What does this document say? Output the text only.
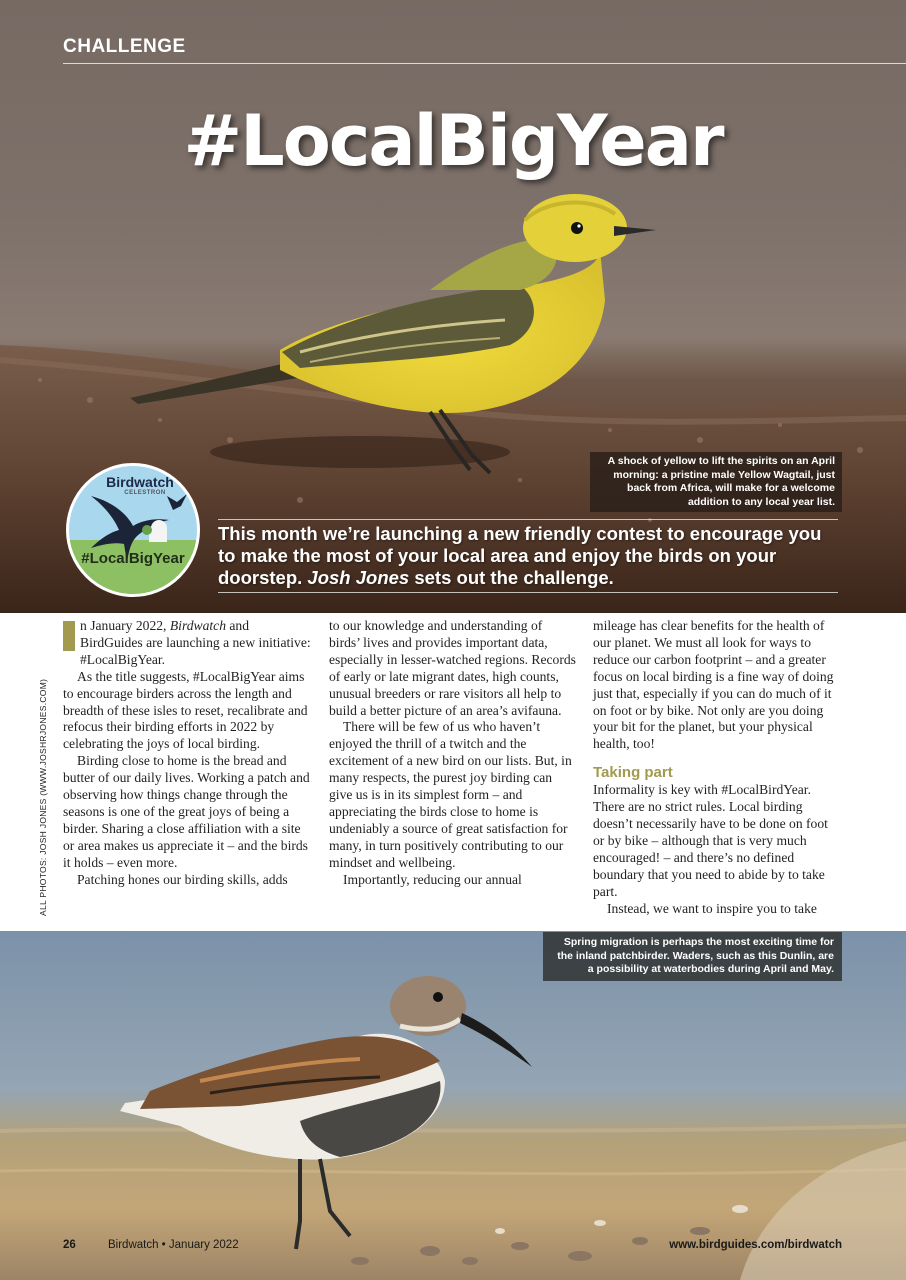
CHALLENGE
#LocalBigYear
A shock of yellow to lift the spirits on an April morning: a pristine male Yellow Wagtail, just back from Africa, will make for a welcome addition to any local year list.
Birdwatch
CELESTRON
#LocalBigYear
This month we’re launching a new friendly contest to encourage you to make the most of your local area and enjoy the birds on your doorstep. Josh Jones sets out the challenge.
ALL PHOTOS: JOSH JONES (WWW.JOSHRJONES.COM)

n January 2022, Birdwatch and BirdGuides are launching a new initiative: #LocalBigYear.

As the title suggests, #LocalBigYear aims to encourage birders across the length and breadth of these isles to reset, recalibrate and refocus their birding efforts in 2022 by celebrating the joys of local birding.

Birding close to home is the bread and butter of our daily lives. Working a patch and observing how things change through the seasons is one of the great joys of being a birder. Sharing a close affiliation with a site or area makes us appreciate it – and the birds it holds – even more.

Patching hones our birding skills, adds

to our knowledge and understanding of birds’ lives and provides important data, especially in lesser-watched regions. Records of early or late migrant dates, high counts, unusual breeders or rare visitors all help to build a better picture of an area’s avifauna.

There will be few of us who haven’t enjoyed the thrill of a twitch and the excitement of a new bird on our lists. But, in many respects, the purest joy birding can give us is in its simplest form – and appreciating the birds close to home is undeniably a source of great satisfaction for many, in turn positively contributing to our mindset and wellbeing.

Importantly, reducing our annual

mileage has clear benefits for the health of our planet. We must all look for ways to reduce our carbon footprint – and a greater focus on local birding is a fine way of doing just that, especially if you can do much of it on foot or by bike. Not only are you doing your bit for the planet, but your physical health, too!

Taking part

Informality is key with #LocalBirdYear. There are no strict rules. Local birding doesn’t necessarily have to be done on foot or by bike – although that is very much encouraged! – and there’s no defined boundary that you need to abide by to take part.

Instead, we want to inspire you to take

Spring migration is perhaps the most exciting time for the inland patchbirder. Waders, such as this Dunlin, are a possibility at waterbodies during April and May.
26	Birdwatch • January 2022	www.birdguides.com/birdwatch
